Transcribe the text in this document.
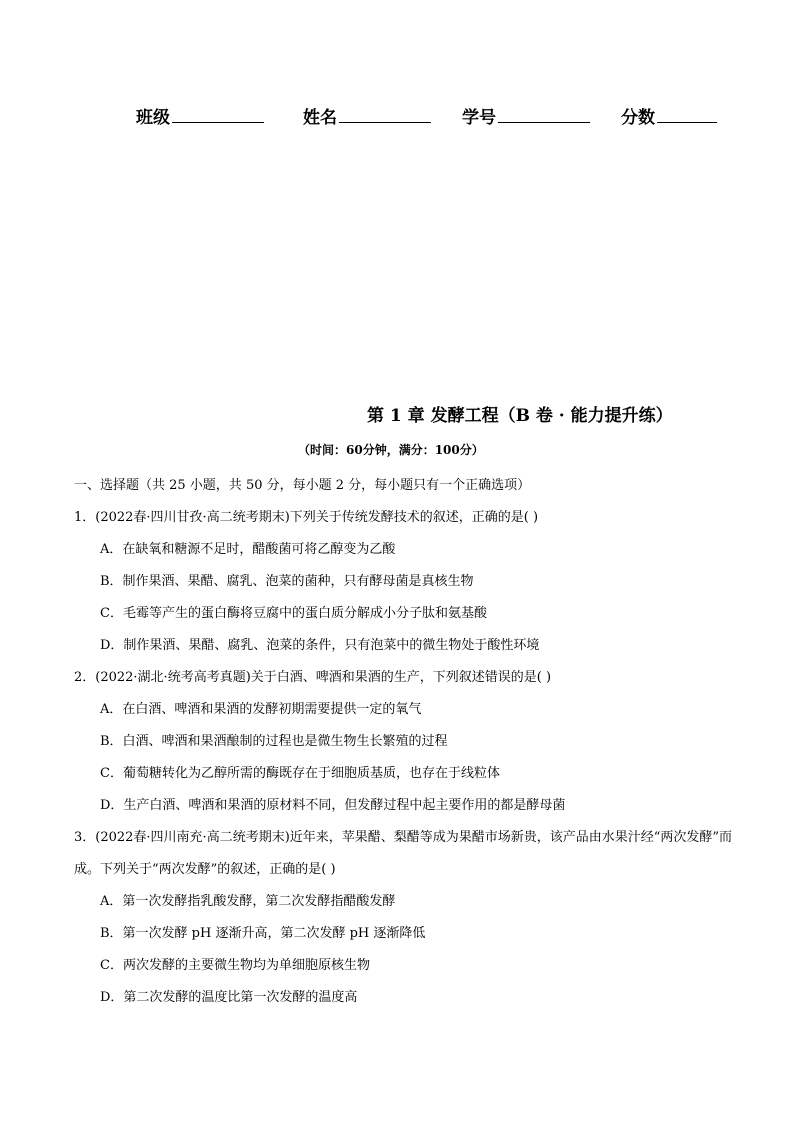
班级	姓名	学号	分数
第 1 章 发酵工程（B 卷 · 能力提升练）
（时间：60分钟，满分：100分）

一、选择题（共 25 小题，共 50 分，每小题 2 分，每小题只有一个正确选项）

1．(2022春·四川甘孜·高二统考期末)下列关于传统发酵技术的叙述，正确的是( )

A．在缺氧和糖源不足时，醋酸菌可将乙醇变为乙酸

B．制作果酒、果醋、腐乳、泡菜的菌种，只有酵母菌是真核生物

C．毛霉等产生的蛋白酶将豆腐中的蛋白质分解成小分子肽和氨基酸

D．制作果酒、果醋、腐乳、泡菜的条件，只有泡菜中的微生物处于酸性环境

2．(2022·湖北·统考高考真题)关于白酒、啤酒和果酒的生产，下列叙述错误的是( )

A．在白酒、啤酒和果酒的发酵初期需要提供一定的氧气

B．白酒、啤酒和果酒酿制的过程也是微生物生长繁殖的过程

C．葡萄糖转化为乙醇所需的酶既存在于细胞质基质，也存在于线粒体

D．生产白酒、啤酒和果酒的原材料不同，但发酵过程中起主要作用的都是酵母菌

3．(2022春·四川南充·高二统考期末)近年来，苹果醋、梨醋等成为果醋市场新贵，该产品由水果汁经“两次发酵”而成。下列关于“两次发酵”的叙述，正确的是( )

A．第一次发酵指乳酸发酵，第二次发酵指醋酸发酵

B．第一次发酵 pH 逐渐升高，第二次发酵 pH 逐渐降低

C．两次发酵的主要微生物均为单细胞原核生物

D．第二次发酵的温度比第一次发酵的温度高
